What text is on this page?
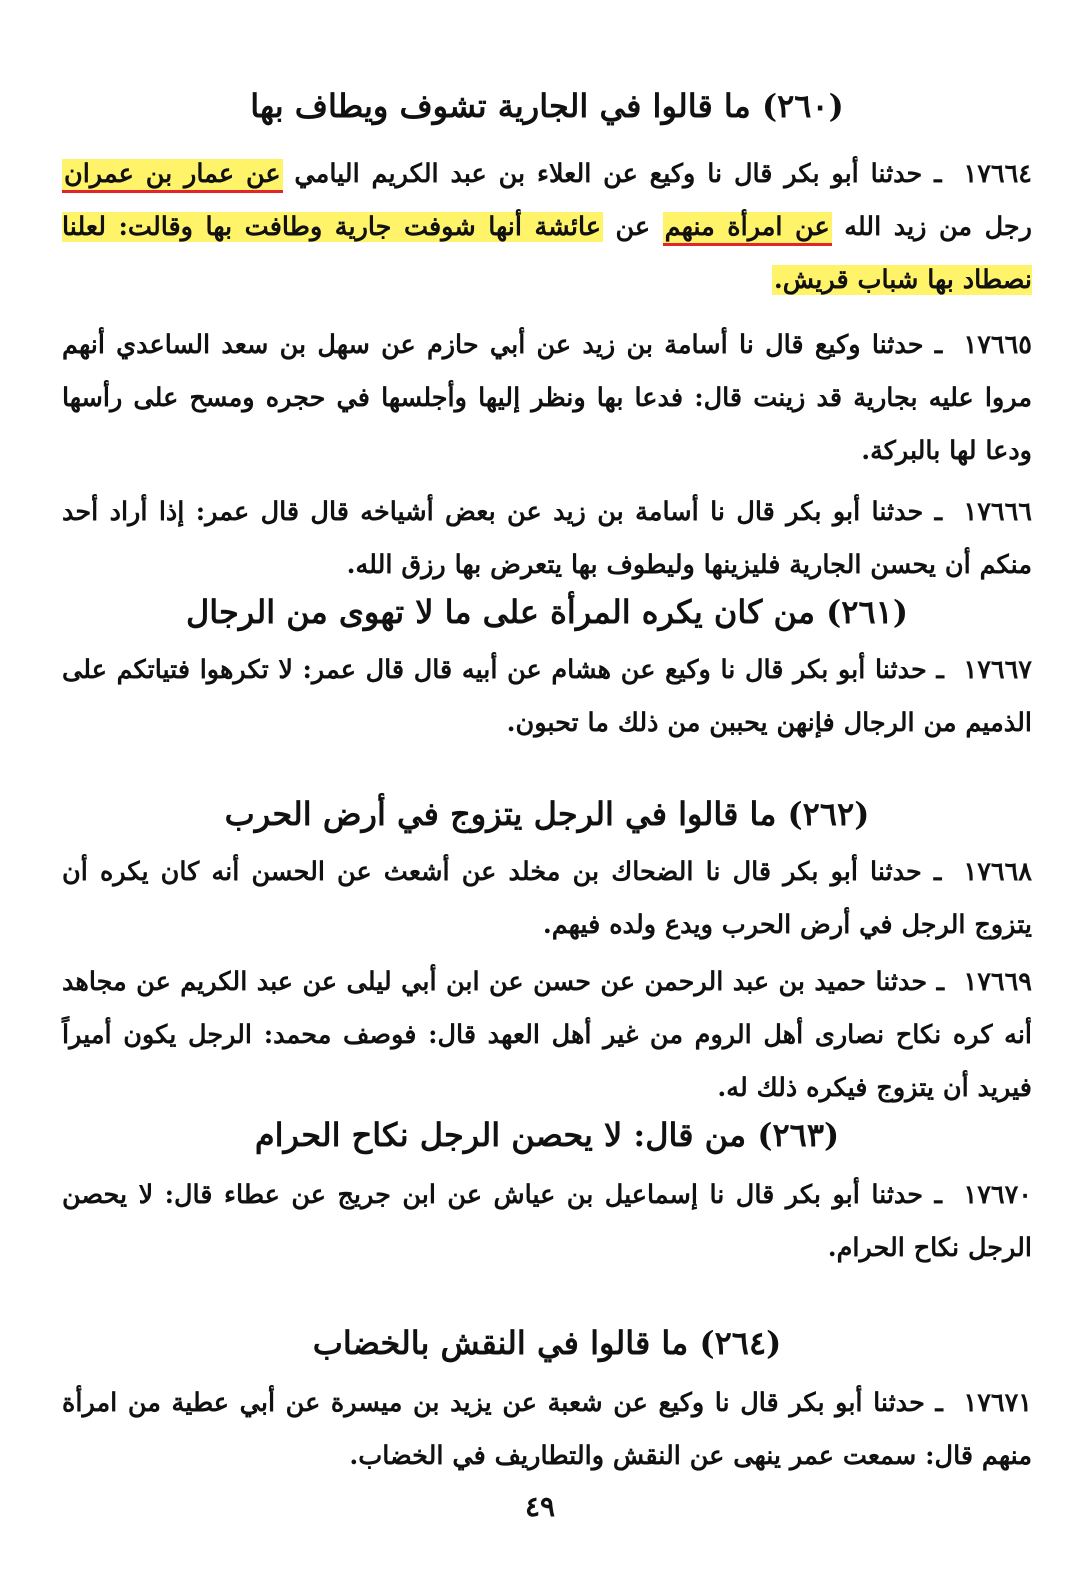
(٢٦٠) ما قالوا في الجارية تشوف ويطاف بها

١٧٦٦٤ ـ حدثنا أبو بكر قال نا وكيع عن العلاء بن عبد الكريم اليامي عن عمار بن عمران رجل من زيد الله عن امرأة منهم عن عائشة أنها شوفت جارية وطافت بها وقالت: لعلنا نصطاد بها شباب قريش.

١٧٦٦٥ ـ حدثنا وكيع قال نا أسامة بن زيد عن أبي حازم عن سهل بن سعد الساعدي أنهم مروا عليه بجارية قد زينت قال: فدعا بها ونظر إليها وأجلسها في حجره ومسح على رأسها ودعا لها بالبركة.

١٧٦٦٦ ـ حدثنا أبو بكر قال نا أسامة بن زيد عن بعض أشياخه قال قال عمر: إذا أراد أحد منكم أن يحسن الجارية فليزينها وليطوف بها يتعرض بها رزق الله.

(٢٦١) من كان يكره المرأة على ما لا تهوى من الرجال

١٧٦٦٧ ـ حدثنا أبو بكر قال نا وكيع عن هشام عن أبيه قال قال عمر: لا تكرهوا فتياتكم على الذميم من الرجال فإنهن يحببن من ذلك ما تحبون.

(٢٦٢) ما قالوا في الرجل يتزوج في أرض الحرب

١٧٦٦٨ ـ حدثنا أبو بكر قال نا الضحاك بن مخلد عن أشعث عن الحسن أنه كان يكره أن يتزوج الرجل في أرض الحرب ويدع ولده فيهم.

١٧٦٦٩ ـ حدثنا حميد بن عبد الرحمن عن حسن عن ابن أبي ليلى عن عبد الكريم عن مجاهد أنه كره نكاح نصارى أهل الروم من غير أهل العهد قال: فوصف محمد: الرجل يكون أميراً فيريد أن يتزوج فيكره ذلك له.

(٢٦٣) من قال: لا يحصن الرجل نكاح الحرام

١٧٦٧٠ ـ حدثنا أبو بكر قال نا إسماعيل بن عياش عن ابن جريج عن عطاء قال: لا يحصن الرجل نكاح الحرام.

(٢٦٤) ما قالوا في النقش بالخضاب

١٧٦٧١ ـ حدثنا أبو بكر قال نا وكيع عن شعبة عن يزيد بن ميسرة عن أبي عطية من امرأة منهم قال: سمعت عمر ينهى عن النقش والتطاريف في الخضاب.

٤٩
